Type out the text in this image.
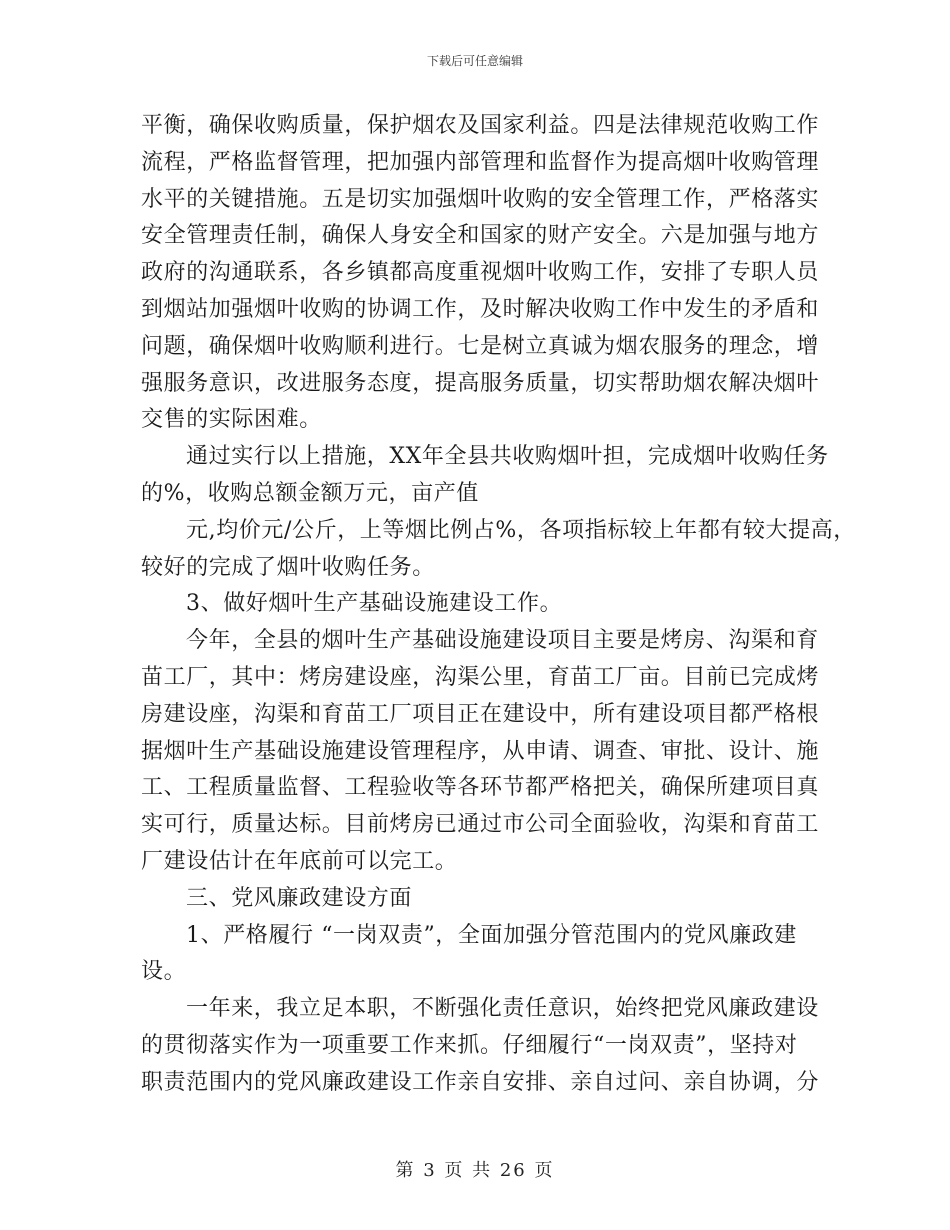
下载后可任意编辑
平衡，确保收购质量，保护烟农及国家利益。四是法律规范收购工作
流程，严格监督管理，把加强内部管理和监督作为提高烟叶收购管理
水平的关键措施。五是切实加强烟叶收购的安全管理工作，严格落实
安全管理责任制，确保人身安全和国家的财产安全。六是加强与地方
政府的沟通联系，各乡镇都高度重视烟叶收购工作，安排了专职人员
到烟站加强烟叶收购的协调工作，及时解决收购工作中发生的矛盾和
问题，确保烟叶收购顺利进行。七是树立真诚为烟农服务的理念，增
强服务意识，改进服务态度，提高服务质量，切实帮助烟农解决烟叶
交售的实际困难。
通过实行以上措施，XX年全县共收购烟叶担，完成烟叶收购任务
的%，收购总额金额万元，亩产值
元,均价元/公斤，上等烟比例占%，各项指标较上年都有较大提高，
较好的完成了烟叶收购任务。
3、做好烟叶生产基础设施建设工作。
今年，全县的烟叶生产基础设施建设项目主要是烤房、沟渠和育
苗工厂，其中：烤房建设座，沟渠公里，育苗工厂亩。目前已完成烤
房建设座，沟渠和育苗工厂项目正在建设中，所有建设项目都严格根
据烟叶生产基础设施建设管理程序，从申请、调查、审批、设计、施
工、工程质量监督、工程验收等各环节都严格把关，确保所建项目真
实可行，质量达标。目前烤房已通过市公司全面验收，沟渠和育苗工
厂建设估计在年底前可以完工。
三、党风廉政建设方面
1、严格履行 “一岗双责”，全面加强分管范围内的党风廉政建
设。
一年来，我立足本职，不断强化责任意识，始终把党风廉政建设
的贯彻落实作为一项重要工作来抓。仔细履行“一岗双责”，坚持对
职责范围内的党风廉政建设工作亲自安排、亲自过问、亲自协调，分
第 3 页 共 26 页
